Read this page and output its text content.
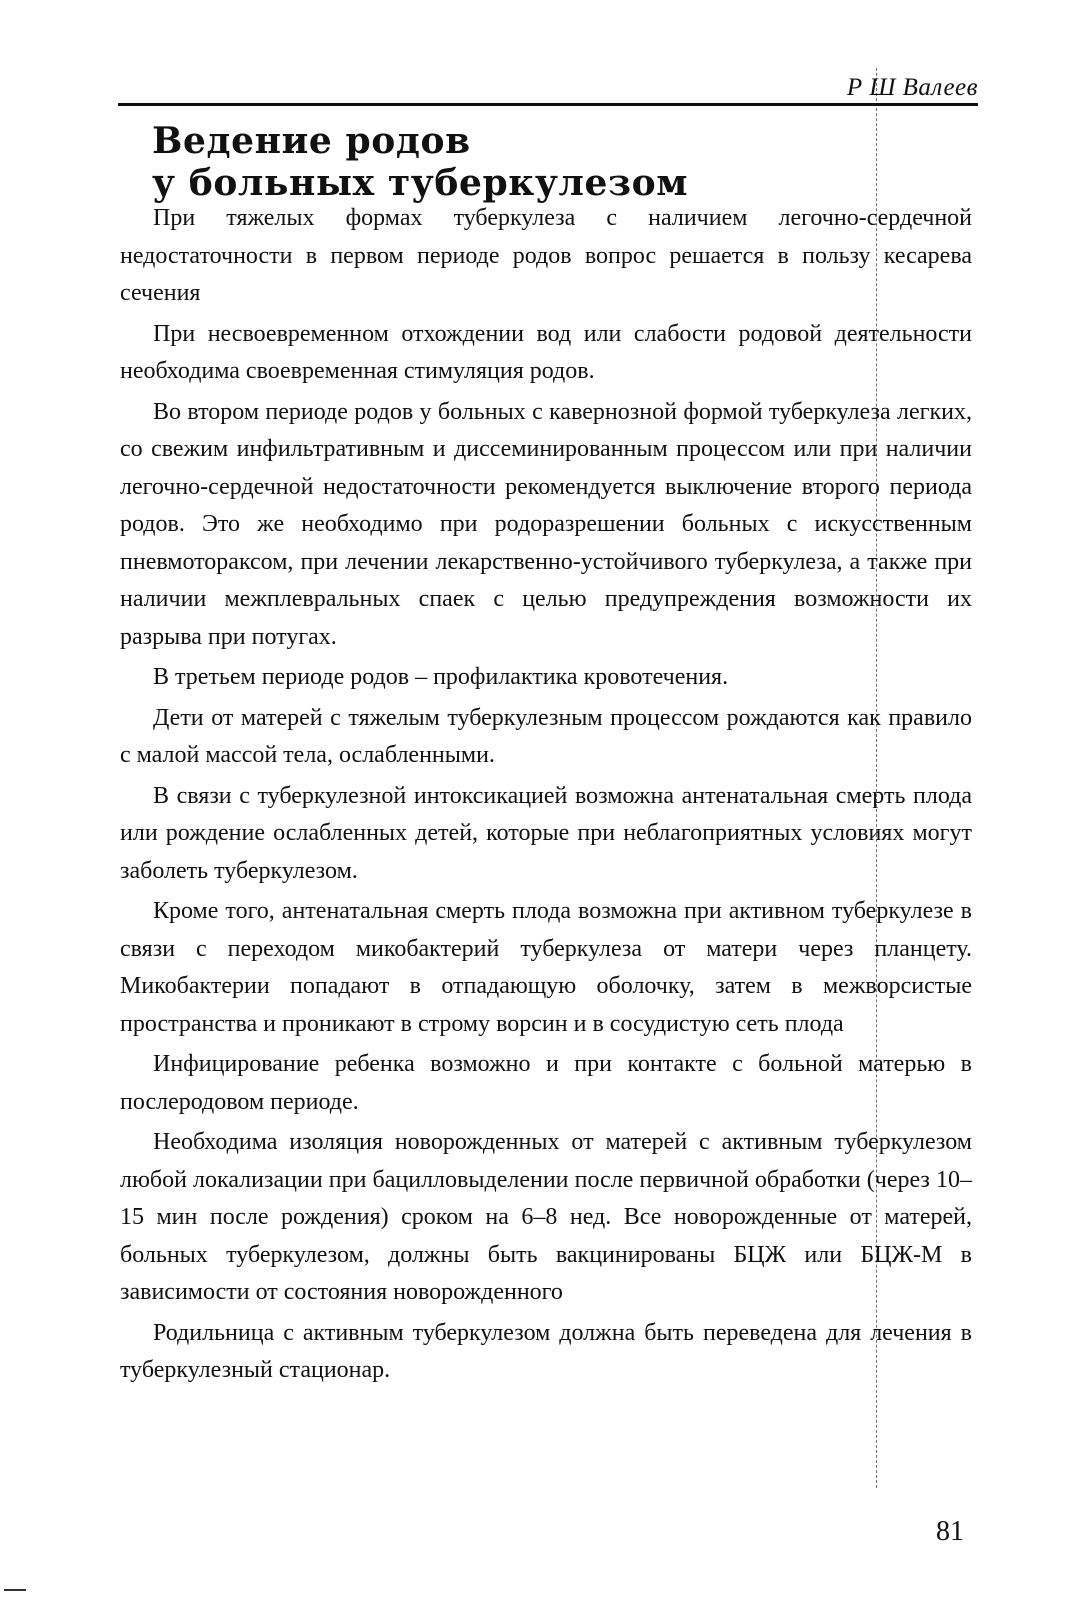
Р Ш Валеев
Ведение родов
у больных туберкулезом

При тяжелых формах туберкулеза с наличием легочно-сердечной недостаточности в первом периоде родов вопрос решается в пользу кесарева сечения

При несвоевременном отхождении вод или слабости родовой деятельности необходима своевременная стимуляция родов.

Во втором периоде родов у больных с кавернозной формой туберкулеза легких, со свежим инфильтративным и диссеминированным процессом или при наличии легочно-сердечной недостаточности рекомендуется выключение второго периода родов. Это же необходимо при родоразрешении больных с искусственным пневмотораксом, при лечении лекарственно-устойчивого туберкулеза, а также при наличии межплевральных спаек с целью предупреждения возможности их разрыва при потугах.

В третьем периоде родов – профилактика кровотечения.

Дети от матерей с тяжелым туберкулезным процессом рождаются как правило с малой массой тела, ослабленными.

В связи с туберкулезной интоксикацией возможна антенатальная смерть плода или рождение ослабленных детей, которые при неблагоприятных условиях могут заболеть туберкулезом.

Кроме того, антенатальная смерть плода возможна при активном туберкулезе в связи с переходом микобактерий туберкулеза от матери через планцету. Микобактерии попадают в отпадающую оболочку, затем в межворсистые пространства и проникают в строму ворсин и в сосудистую сеть плода

Инфицирование ребенка возможно и при контакте с больной матерью в послеродовом периоде.

Необходима изоляция новорожденных от матерей с активным туберкулезом любой локализации при бацилловыделении после первичной обработки (через 10–15 мин после рождения) сроком на 6–8 нед. Все новорожденные от матерей, больных туберкулезом, должны быть вакцинированы БЦЖ или БЦЖ-М в зависимости от состояния новорожденного

Родильница с активным туберкулезом должна быть переведена для лечения в туберкулезный стационар.

81
